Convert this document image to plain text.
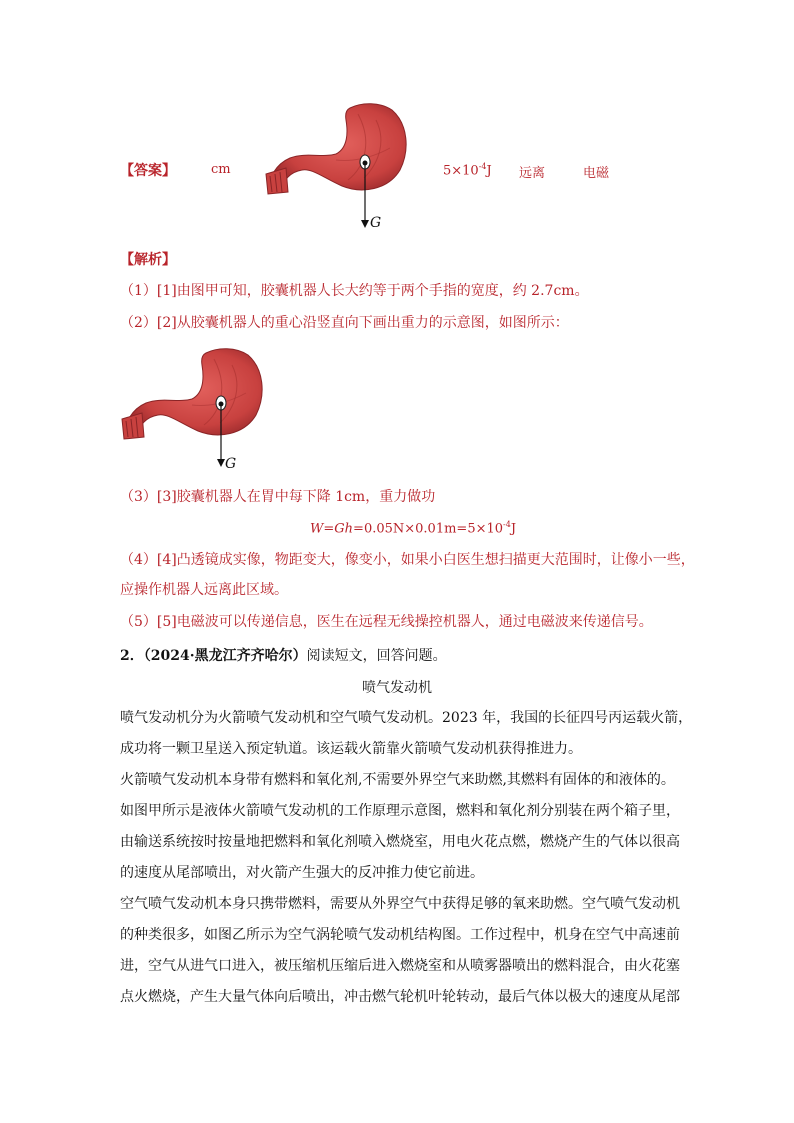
【答案】	cm	$5\times 10^{-4}J$ 远离	电磁
G
【解析】
（1）[1]由图甲可知，胶囊机器人长大约等于两个手指的宽度，约 2.7cm。
（2）[2]从胶囊机器人的重心沿竖直向下画出重力的示意图，如图所示：
G
（3）[3]胶囊机器人在胃中每下降 1cm，重力做功
$W=Gh=0.05N\times 0.01m=5\times 10^{-4}J$
（4）[4]凸透镜成实像，物距变大，像变小，如果小白医生想扫描更大范围时，让像小一些，
应操作机器人远离此区域。
（5）[5]电磁波可以传递信息，医生在远程无线操控机器人，通过电磁波来传递信号。
2．（2024·黑龙江齐齐哈尔）阅读短文，回答问题。
喷气发动机
喷气发动机分为火箭喷气发动机和空气喷气发动机。2023 年，我国的长征四号丙运载火箭，
成功将一颗卫星送入预定轨道。该运载火箭靠火箭喷气发动机获得推进力。
火箭喷气发动机本身带有燃料和氧化剂,不需要外界空气来助燃,其燃料有固体的和液体的。
如图甲所示是液体火箭喷气发动机的工作原理示意图，燃料和氧化剂分别装在两个箱子里，
由输送系统按时按量地把燃料和氧化剂喷入燃烧室，用电火花点燃，燃烧产生的气体以很高
的速度从尾部喷出，对火箭产生强大的反冲推力使它前进。
空气喷气发动机本身只携带燃料，需要从外界空气中获得足够的氧来助燃。空气喷气发动机
的种类很多，如图乙所示为空气涡轮喷气发动机结构图。工作过程中，机身在空气中高速前
进，空气从进气口进入，被压缩机压缩后进入燃烧室和从喷雾器喷出的燃料混合，由火花塞
点火燃烧，产生大量气体向后喷出，冲击燃气轮机叶轮转动，最后气体以极大的速度从尾部
